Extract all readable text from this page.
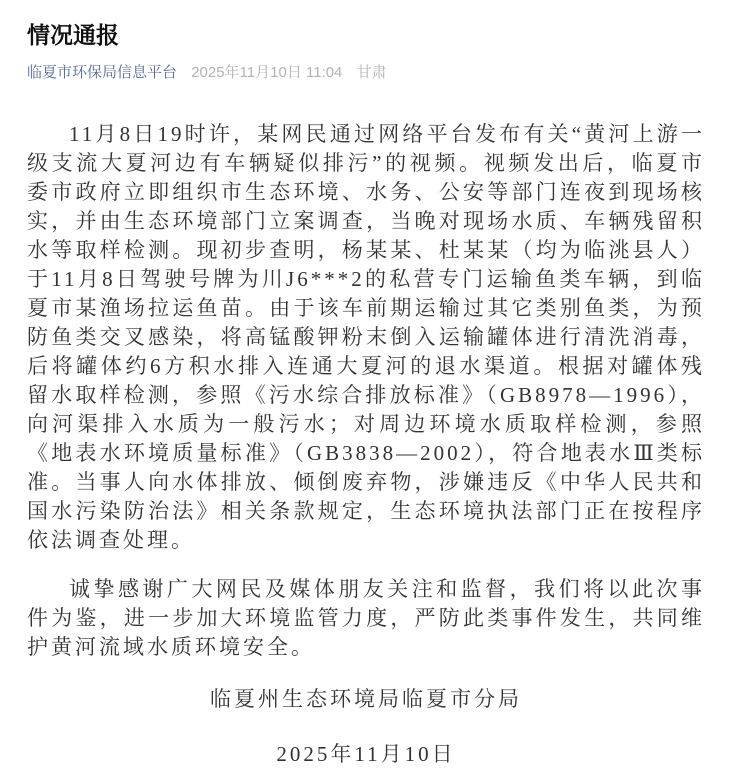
情况通报
临夏市环保局信息平台 2025年11月10日 11:04 甘肃

11月8日19时许，某网民通过网络平台发布有关“黄河上游一级支流大夏河边有车辆疑似排污”的视频。视频发出后，临夏市委市政府立即组织市生态环境、水务、公安等部门连夜到现场核实，并由生态环境部门立案调查，当晚对现场水质、车辆残留积水等取样检测。现初步查明，杨某某、杜某某（均为临洮县人）于11月8日驾驶号牌为川J6***2的私营专门运输鱼类车辆，到临夏市某渔场拉运鱼苗。由于该车前期运输过其它类别鱼类，为预防鱼类交叉感染，将高锰酸钾粉末倒入运输罐体进行清洗消毒，后将罐体约6方积水排入连通大夏河的退水渠道。根据对罐体残留水取样检测，参照《污水综合排放标准》（GB8978—1996），向河渠排入水质为一般污水；对周边环境水质取样检测，参照《地表水环境质量标准》（GB3838—2002），符合地表水Ⅲ类标准。当事人向水体排放、倾倒废弃物，涉嫌违反《中华人民共和国水污染防治法》相关条款规定，生态环境执法部门正在按程序依法调查处理。

诚挚感谢广大网民及媒体朋友关注和监督，我们将以此次事件为鉴，进一步加大环境监管力度，严防此类事件发生，共同维护黄河流域水质环境安全。

临夏州生态环境局临夏市分局

2025年11月10日
